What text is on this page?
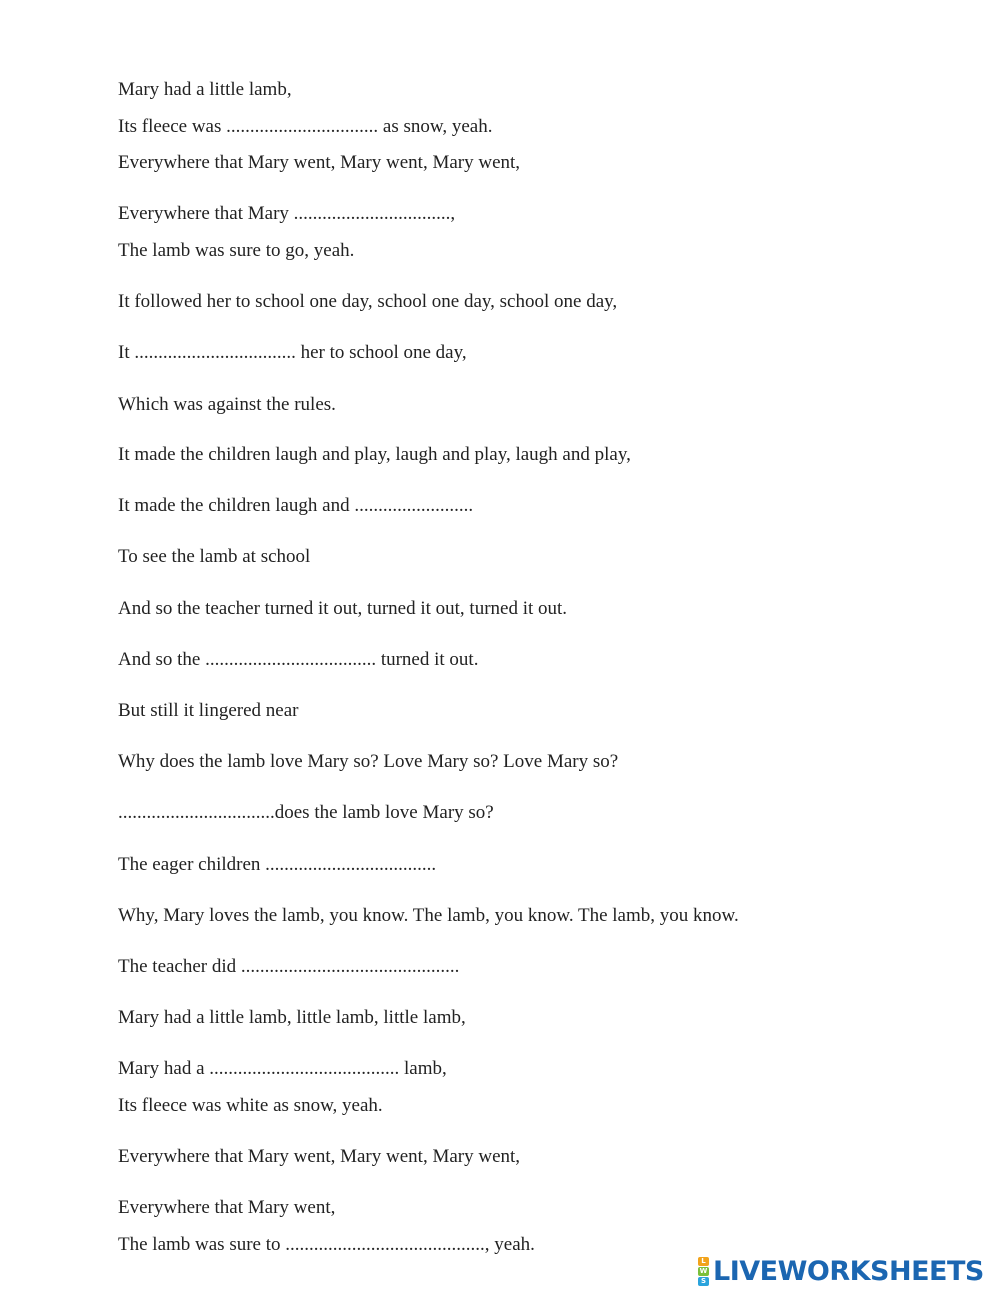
Mary had a little lamb,

Its fleece was ................................ as snow, yeah.

Everywhere that Mary went, Mary went, Mary went,

Everywhere that Mary .................................,

The lamb was sure to go, yeah.

It followed her to school one day, school one day, school one day,

It .................................. her to school one day,

Which was against the rules.

It made the children laugh and play, laugh and play, laugh and play,

It made the children laugh and .........................

To see the lamb at school

And so the teacher turned it out, turned it out, turned it out.

And so the .................................... turned it out.

But still it lingered near

Why does the lamb love Mary so? Love Mary so? Love Mary so?

.................................does the lamb love Mary so?

The eager children ....................................

Why, Mary loves the lamb, you know. The lamb, you know. The lamb, you know.

The teacher did ..............................................

Mary had a little lamb, little lamb, little lamb,

Mary had a ........................................ lamb,

Its fleece was white as snow, yeah.

Everywhere that Mary went, Mary went, Mary went,

Everywhere that Mary went,

The lamb was sure to .........................................., yeah.

L
W
S LIVEWORKSHEETS
